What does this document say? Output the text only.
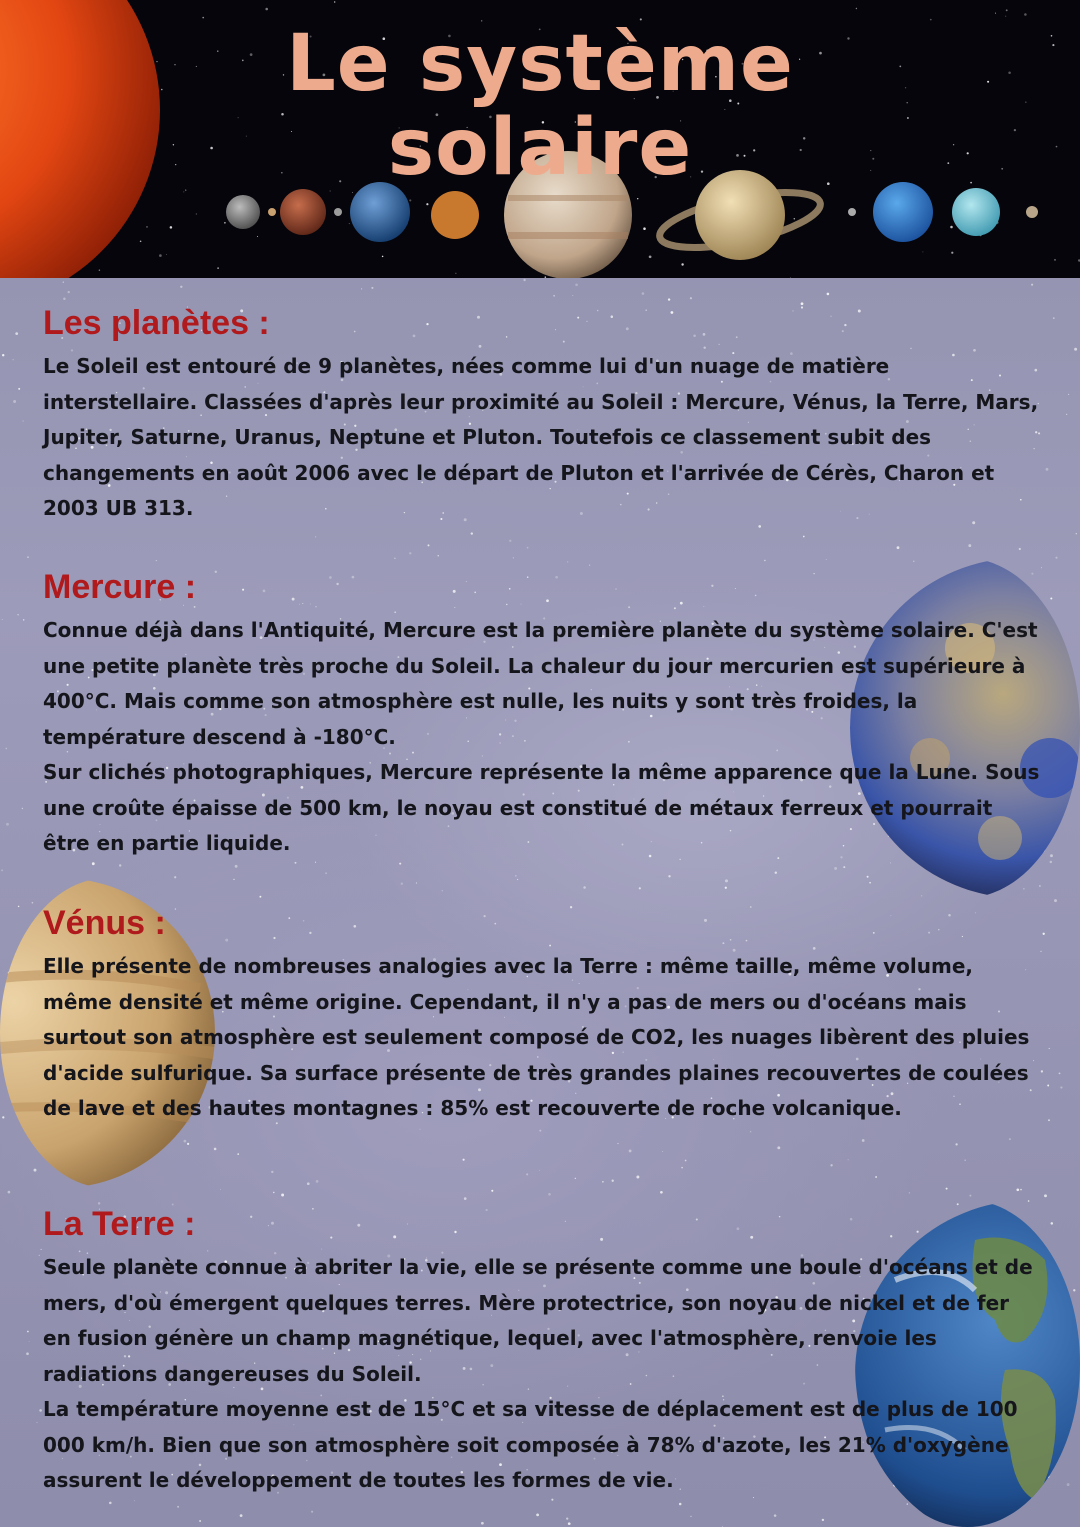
Le système
solaire
Les planètes :

Le Soleil est entouré de 9 planètes, nées comme lui d'un nuage de matière interstellaire. Classées d'après leur proximité au Soleil : Mercure, Vénus, la Terre, Mars, Jupiter, Saturne, Uranus, Neptune et Pluton. Toutefois ce classement subit des changements en août 2006 avec le départ de Pluton et l'arrivée de Cérès, Charon et 2003 UB 313.

Mercure :

Connue déjà dans l'Antiquité, Mercure est la première planète du système solaire. C'est une petite planète très proche du Soleil. La chaleur du jour mercurien est supérieure à 400°C. Mais comme son atmosphère est nulle, les nuits y sont très froides, la température descend à -180°C.
Sur clichés photographiques, Mercure représente la même apparence que la Lune. Sous une croûte épaisse de 500 km, le noyau est constitué de métaux ferreux et pourrait être en partie liquide.

Vénus :

Elle présente de nombreuses analogies avec la Terre : même taille, même volume, même densité et même origine. Cependant, il n'y a pas de mers ou d'océans mais surtout son atmosphère est seulement composé de CO2, les nuages libèrent des pluies d'acide sulfurique. Sa surface présente de très grandes plaines recouvertes de coulées de lave et des hautes montagnes : 85% est recouverte de roche volcanique.

La Terre :

Seule planète connue à abriter la vie, elle se présente comme une boule d'océans et de mers, d'où émergent quelques terres. Mère protectrice, son noyau de nickel et de fer en fusion génère un champ magnétique, lequel, avec l'atmosphère, renvoie les radiations dangereuses du Soleil.
La température moyenne est de 15°C et sa vitesse de déplacement est de plus de 100 000 km/h. Bien que son atmosphère soit composée à 78% d'azote, les 21% d'oxygène assurent le développement de toutes les formes de vie.
